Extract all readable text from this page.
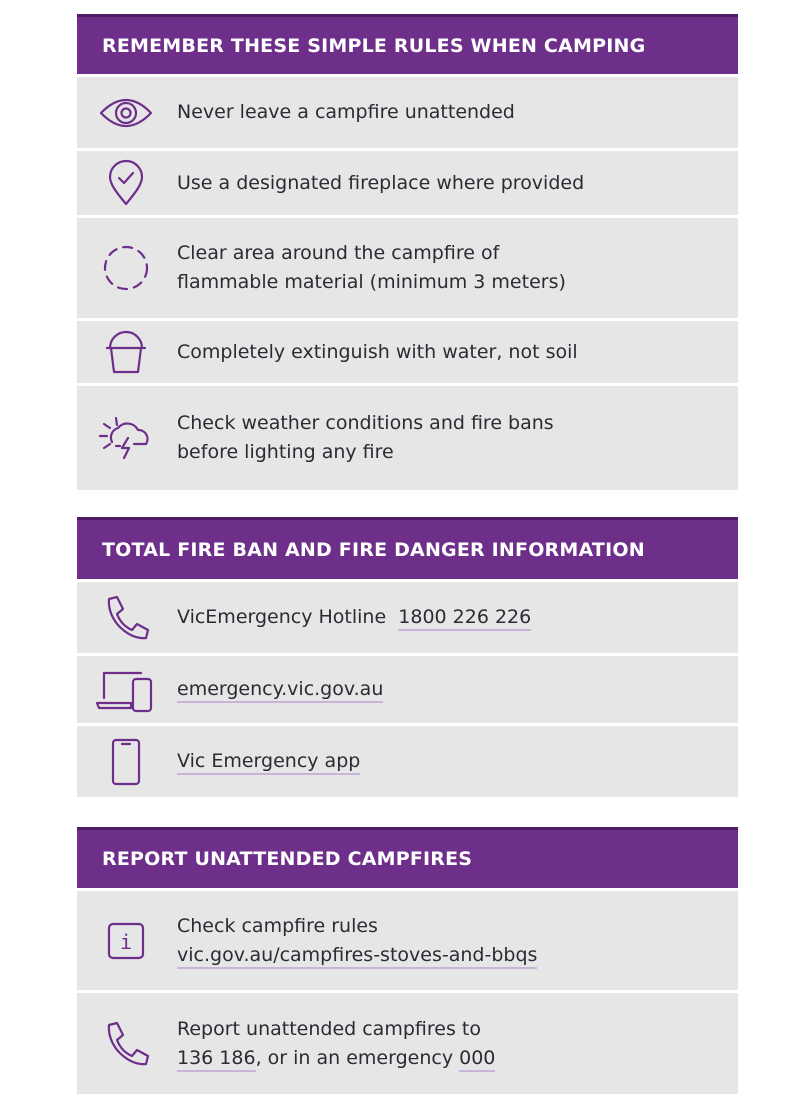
REMEMBER THESE SIMPLE RULES WHEN CAMPING
Never leave a campfire unattended
Use a designated fireplace where provided
Clear area around the campfire of
flammable material (minimum 3 meters)
Completely extinguish with water, not soil
Check weather conditions and fire bans
before lighting any fire
TOTAL FIRE BAN AND FIRE DANGER INFORMATION
VicEmergency Hotline 1800 226 226
emergency.vic.gov.au
Vic Emergency app
REPORT UNATTENDED CAMPFIRES
i
Check campfire rules
vic.gov.au/campfires-stoves-and-bbqs
Report unattended campfires to
136 186, or in an emergency 000
